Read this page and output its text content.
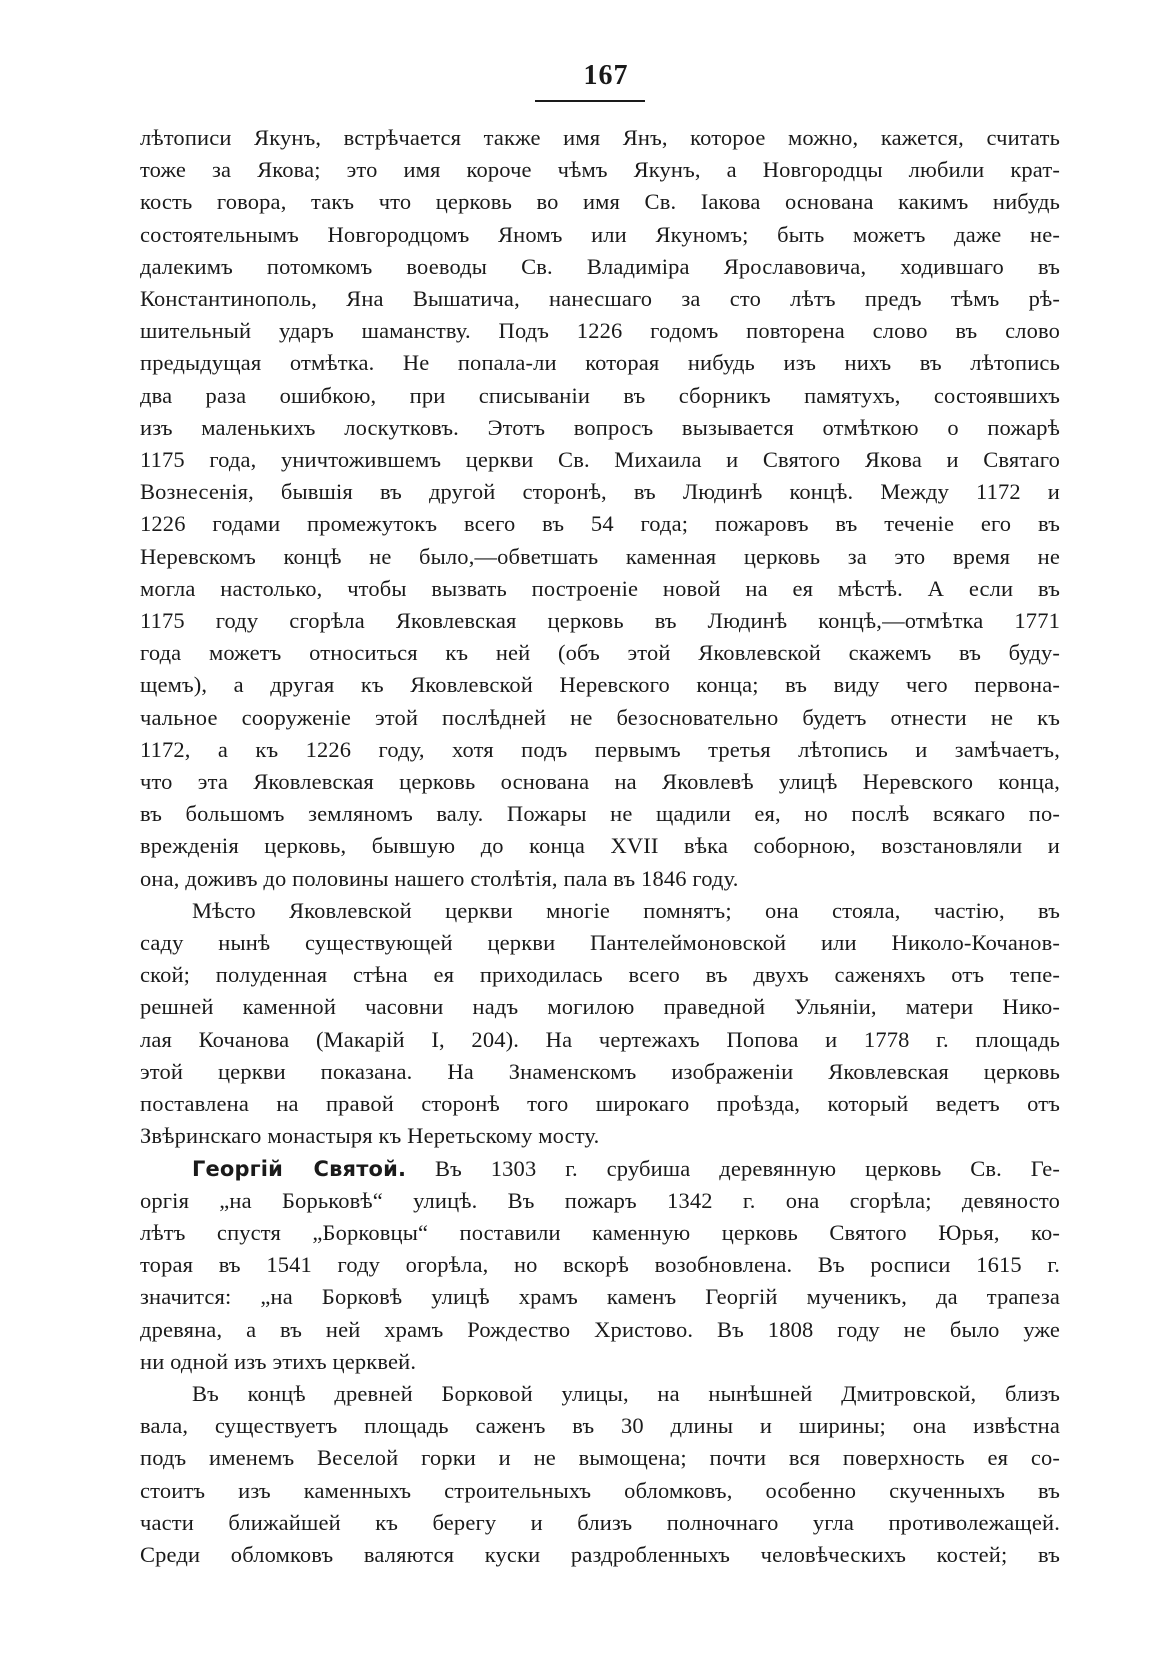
167
лѣтописи Якунъ, встрѣчается также имя Янъ, которое можно, кажется, считать
тоже за Якова; это имя короче чѣмъ Якунъ, а Новгородцы любили крат-
кость говора, такъ что церковь во имя Св. Іакова основана какимъ нибудь
состоятельнымъ Новгородцомъ Яномъ или Якуномъ; быть можетъ даже не-
далекимъ потомкомъ воеводы Св. Владиміра Ярославовича, ходившаго въ
Константинополь, Яна Вышатича, нанесшаго за сто лѣтъ предъ тѣмъ рѣ-
шительный ударъ шаманству. Подъ 1226 годомъ повторена слово въ слово
предыдущая отмѣтка. Не попала-ли которая нибудь изъ нихъ въ лѣтопись
два раза ошибкою, при списываніи въ сборникъ памятухъ, состоявшихъ
изъ маленькихъ лоскутковъ. Этотъ вопросъ вызывается отмѣткою о пожарѣ
1175 года, уничтожившемъ церкви Св. Михаила и Святого Якова и Святаго
Вознесенія, бывшія въ другой сторонѣ, въ Людинѣ концѣ. Между 1172 и
1226 годами промежутокъ всего въ 54 года; пожаровъ въ теченіе его въ
Неревскомъ концѣ не было,—обветшать каменная церковь за это время не
могла настолько, чтобы вызвать построеніе новой на ея мѣстѣ. А если въ
1175 году сгорѣла Яковлевская церковь въ Людинѣ концѣ,—отмѣтка 1771
года можетъ относиться къ ней (объ этой Яковлевской скажемъ въ буду-
щемъ), а другая къ Яковлевской Неревского конца; въ виду чего первона-
чальное сооруженіе этой послѣдней не безосновательно будетъ отнести не къ
1172, а къ 1226 году, хотя подъ первымъ третья лѣтопись и замѣчаетъ,
что эта Яковлевская церковь основана на Яковлевѣ улицѣ Неревского конца,
въ большомъ земляномъ валу. Пожары не щадили ея, но послѣ всякаго по-
врежденія церковь, бывшую до конца XVII вѣка соборною, возстановляли и
она, доживъ до половины нашего столѣтія, пала въ 1846 году.
Мѣсто Яковлевской церкви многіе помнятъ; она стояла, частію, въ
саду нынѣ существующей церкви Пантелеймоновской или Николо-Кочанов-
ской; полуденная стѣна ея приходилась всего въ двухъ саженяхъ отъ тепе-
решней каменной часовни надъ могилою праведной Ульяніи, матери Нико-
лая Кочанова (Макарій I, 204). На чертежахъ Попова и 1778 г. площадь
этой церкви показана. На Знаменскомъ изображеніи Яковлевская церковь
поставлена на правой сторонѣ того широкаго проѣзда, который ведетъ отъ
Звѣринскаго монастыря къ Неретьскому мосту.
Георгій Святой. Въ 1303 г. срубиша деревянную церковь Св. Ге-
оргія „на Борьковѣ“ улицѣ. Въ пожаръ 1342 г. она сгорѣла; девяносто
лѣтъ спустя „Борковцы“ поставили каменную церковь Святого Юрья, ко-
торая въ 1541 году огорѣла, но вскорѣ возобновлена. Въ росписи 1615 г.
значится: „на Борковѣ улицѣ храмъ каменъ Георгій мученикъ, да трапеза
древяна, а въ ней храмъ Рождество Христово. Въ 1808 году не было уже
ни одной изъ этихъ церквей.
Въ концѣ древней Борковой улицы, на нынѣшней Дмитровской, близъ
вала, существуетъ площадь саженъ въ 30 длины и ширины; она извѣстна
подъ именемъ Веселой горки и не вымощена; почти вся поверхность ея со-
стоитъ изъ каменныхъ строительныхъ обломковъ, особенно скученныхъ въ
части ближайшей къ берегу и близъ полночнаго угла противолежащей.
Среди обломковъ валяются куски раздробленныхъ человѣческихъ костей; въ
